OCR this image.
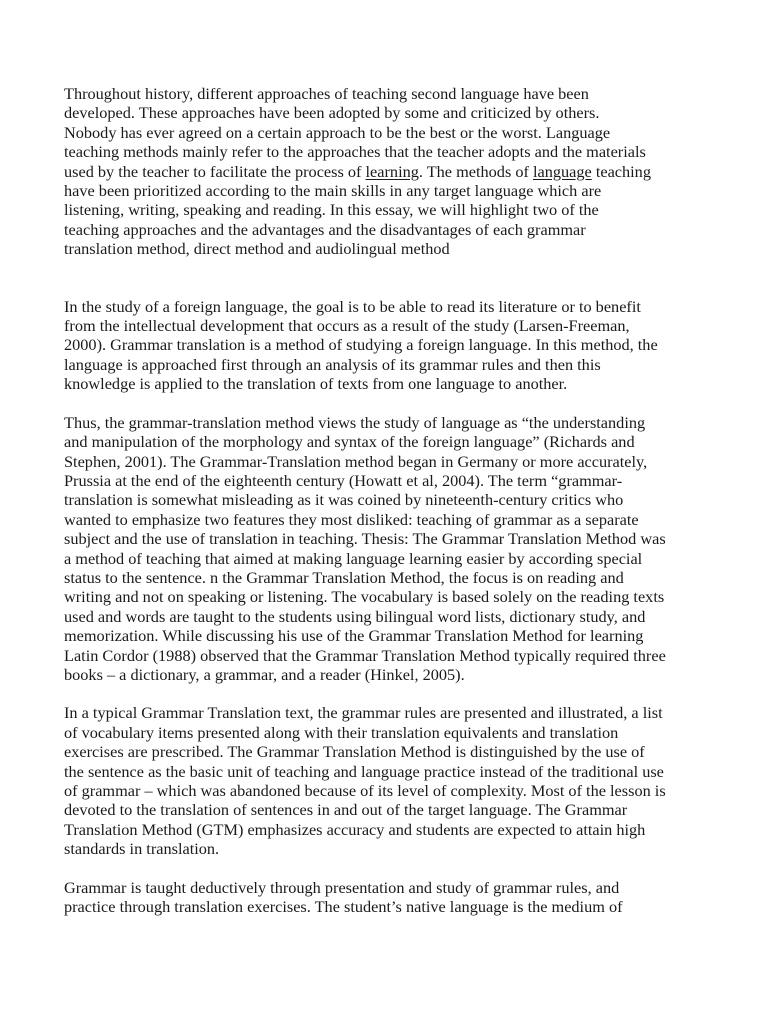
Throughout history, different approaches of teaching second language have been
developed. These approaches have been adopted by some and criticized by others.
Nobody has ever agreed on a certain approach to be the best or the worst. Language
teaching methods mainly refer to the approaches that the teacher adopts and the materials
used by the teacher to facilitate the process of learning. The methods of language teaching
have been prioritized according to the main skills in any target language which are
listening, writing, speaking and reading. In this essay, we will highlight two of the
teaching approaches and the advantages and the disadvantages of each grammar
translation method, direct method and audiolingual method

In the study of a foreign language, the goal is to be able to read its literature or to benefit
from the intellectual development that occurs as a result of the study (Larsen-Freeman,
2000). Grammar translation is a method of studying a foreign language. In this method, the
language is approached first through an analysis of its grammar rules and then this
knowledge is applied to the translation of texts from one language to another.

Thus, the grammar-translation method views the study of language as “the understanding
and manipulation of the morphology and syntax of the foreign language” (Richards and
Stephen, 2001). The Grammar-Translation method began in Germany or more accurately,
Prussia at the end of the eighteenth century (Howatt et al, 2004). The term “grammar-
translation is somewhat misleading as it was coined by nineteenth-century critics who
wanted to emphasize two features they most disliked: teaching of grammar as a separate
subject and the use of translation in teaching. Thesis: The Grammar Translation Method was
a method of teaching that aimed at making language learning easier by according special
status to the sentence. n the Grammar Translation Method, the focus is on reading and
writing and not on speaking or listening. The vocabulary is based solely on the reading texts
used and words are taught to the students using bilingual word lists, dictionary study, and
memorization. While discussing his use of the Grammar Translation Method for learning
Latin Cordor (1988) observed that the Grammar Translation Method typically required three
books – a dictionary, a grammar, and a reader (Hinkel, 2005).

In a typical Grammar Translation text, the grammar rules are presented and illustrated, a list
of vocabulary items presented along with their translation equivalents and translation
exercises are prescribed. The Grammar Translation Method is distinguished by the use of
the sentence as the basic unit of teaching and language practice instead of the traditional use
of grammar – which was abandoned because of its level of complexity. Most of the lesson is
devoted to the translation of sentences in and out of the target language. The Grammar
Translation Method (GTM) emphasizes accuracy and students are expected to attain high
standards in translation.

Grammar is taught deductively through presentation and study of grammar rules, and
practice through translation exercises. The student’s native language is the medium of
